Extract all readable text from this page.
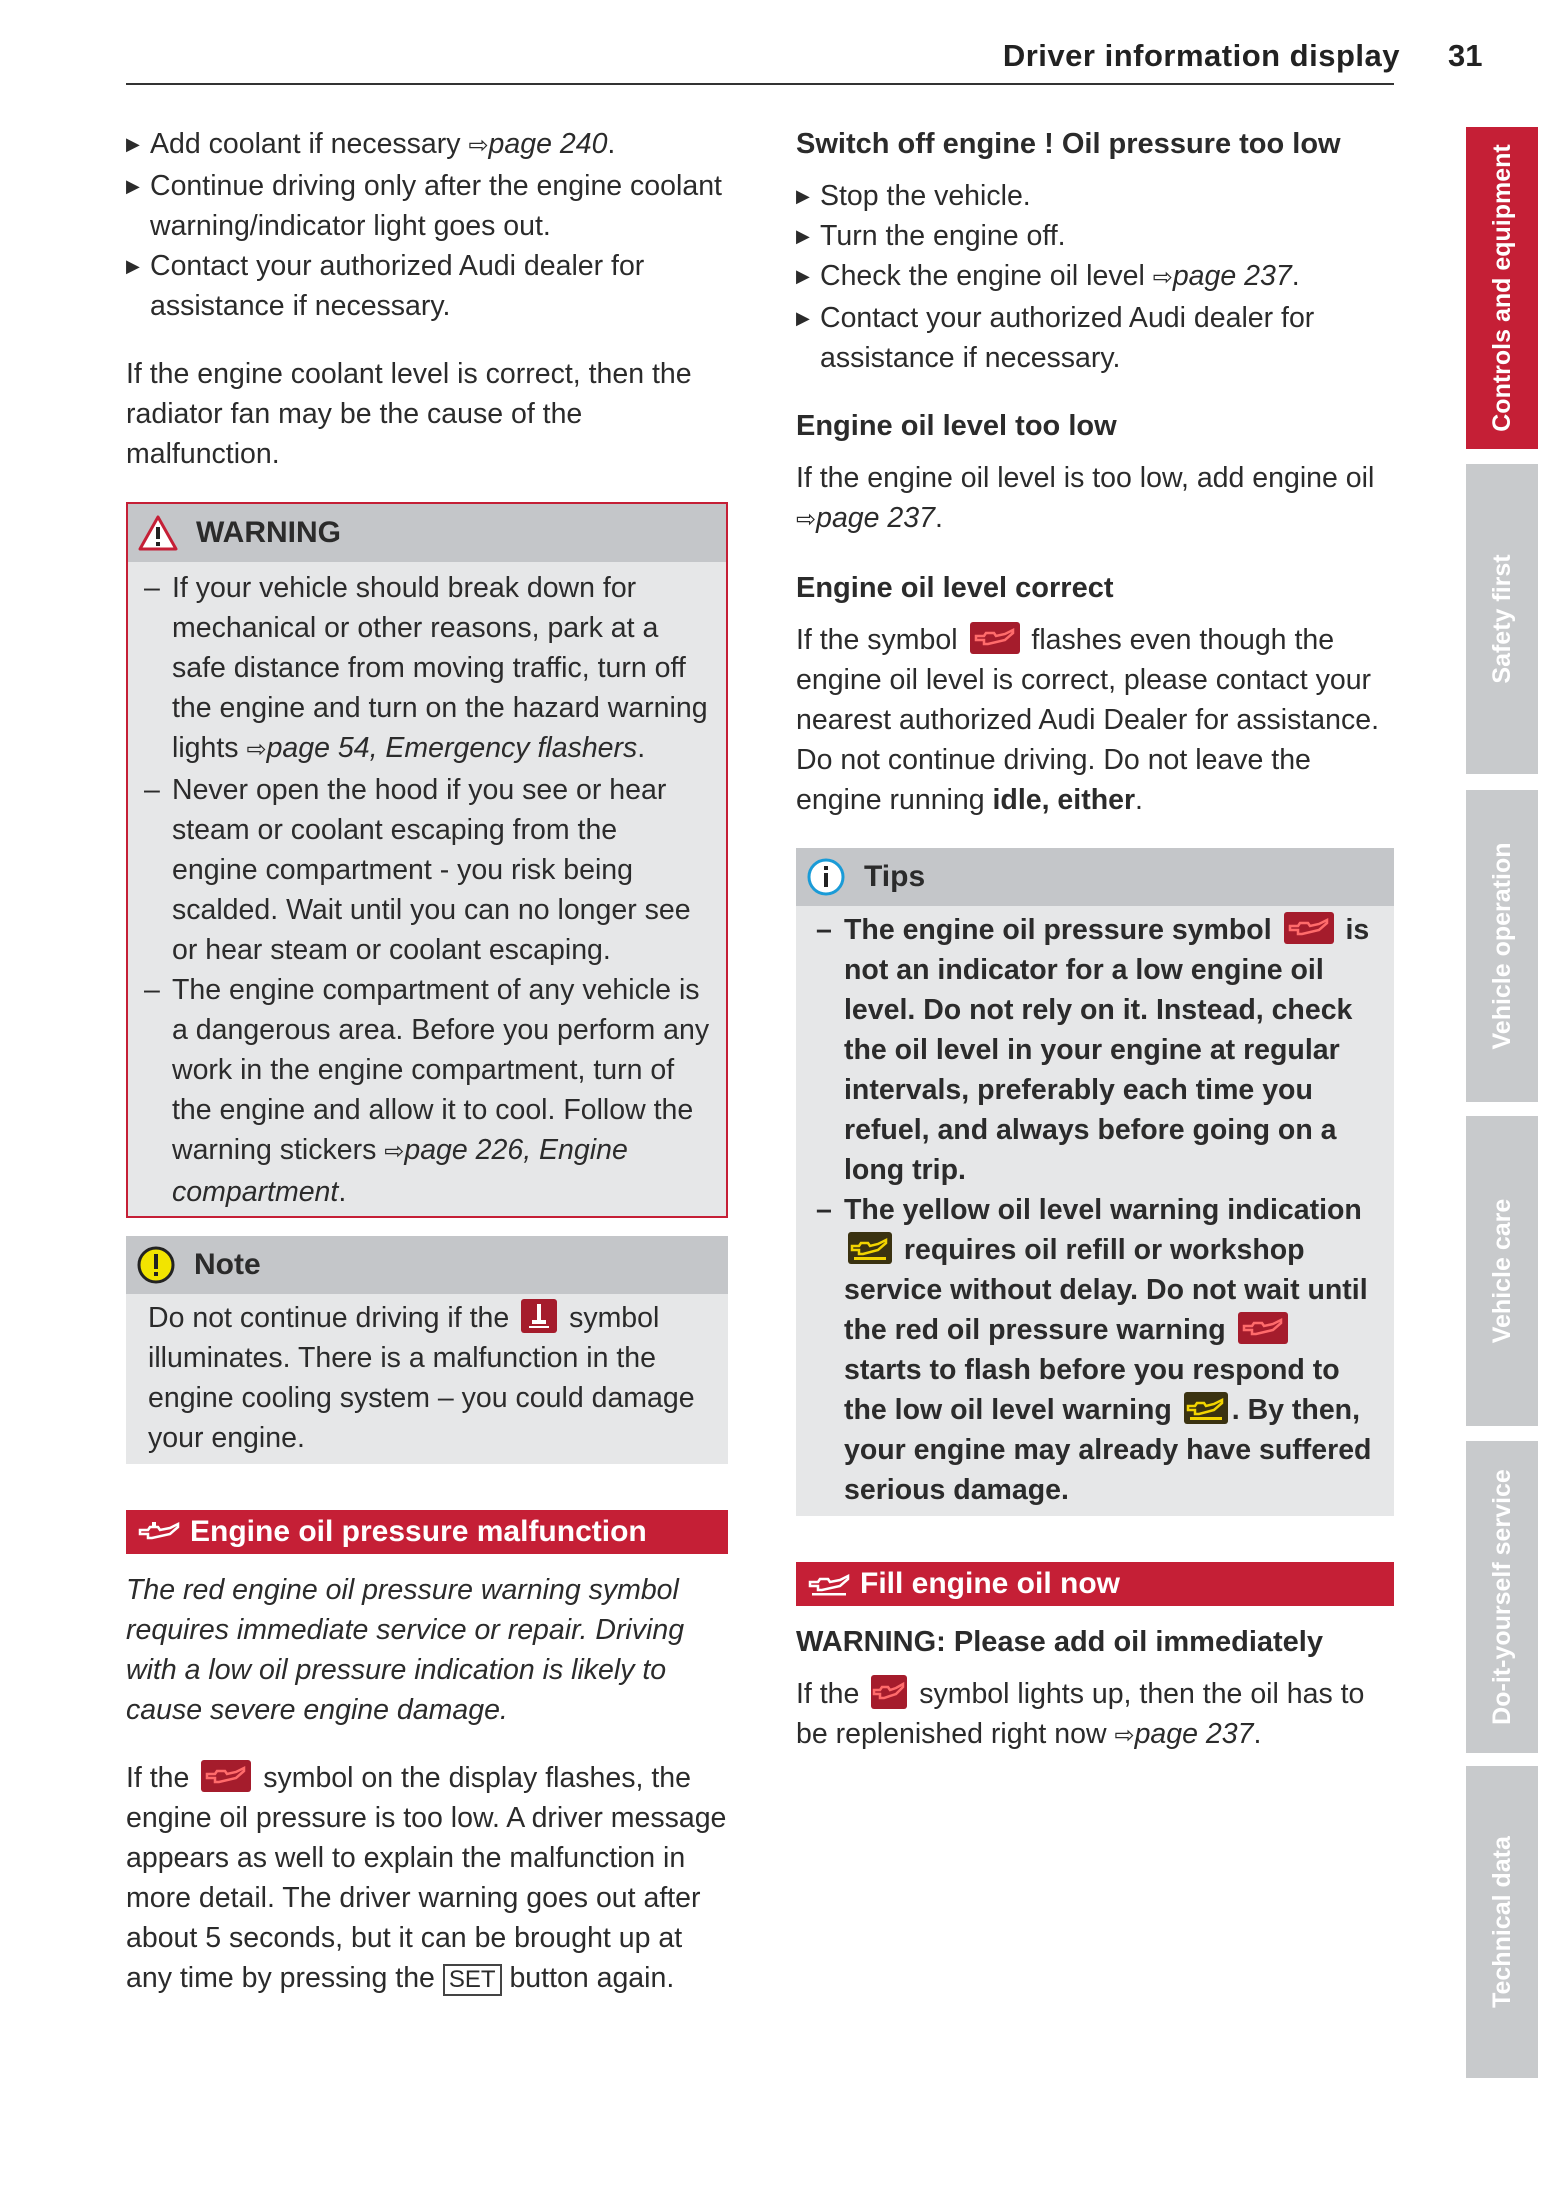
Driver information display 31
▶ Add coolant if necessary ⇨page 240.
▶ Continue driving only after the engine coolant warning/indicator light goes out.
▶ Contact your authorized Audi dealer for assistance if necessary.

If the engine coolant level is correct, then the radiator fan may be the cause of the malfunction.

WARNING
– If your vehicle should break down for mechanical or other reasons, park at a safe distance from moving traffic, turn off the engine and turn on the hazard warning lights ⇨page 54, Emergency flashers.
– Never open the hood if you see or hear steam or coolant escaping from the engine compartment - you risk being scalded. Wait until you can no longer see or hear steam or coolant escaping.
– The engine compartment of any vehicle is a dangerous area. Before you perform any work in the engine compartment, turn of the engine and allow it to cool. Follow the warning stickers ⇨page 226, Engine compartment.
Note
Do not continue driving if the symbol illuminates. There is a malfunction in the engine cooling system – you could damage your engine.
Engine oil pressure malfunction

The red engine oil pressure warning symbol requires immediate service or repair. Driving with a low oil pressure indication is likely to cause severe engine damage.

If the	symbol on the display flashes, the engine oil pressure is too low. A driver message appears as well to explain the malfunction in more detail. The driver warning goes out after about 5 seconds, but it can be brought up at any time by pressing the SET button again.

Switch off engine ! Oil pressure too low
▶ Stop the vehicle.
▶ Turn the engine off.
▶ Check the engine oil level ⇨page 237.
▶ Contact your authorized Audi dealer for assistance if necessary.
Engine oil level too low

If the engine oil level is too low, add engine oil ⇨page 237.

Engine oil level correct

If the symbol	flashes even though the engine oil level is correct, please contact your nearest authorized Audi Dealer for assistance. Do not continue driving. Do not leave the engine running idle, either.

Tips
– The engine oil pressure symbol	is not an indicator for a low engine oil level. Do not rely on it. Instead, check the oil level in your engine at regular intervals, preferably each time you refuel, and always before going on a long trip.
– The yellow oil level warning indication
requires oil refill or workshop service without delay. Do not wait until the red oil pressure warning
starts to flash before you respond to the low oil level warning . By then, your engine may already have suffered serious damage.
Fill engine oil now
WARNING: Please add oil immediately

If the symbol lights up, then the oil has to be replenished right now ⇨page 237.

Controls and equipment
Safety first
Vehicle operation
Vehicle care
Do-it-yourself service
Technical data
